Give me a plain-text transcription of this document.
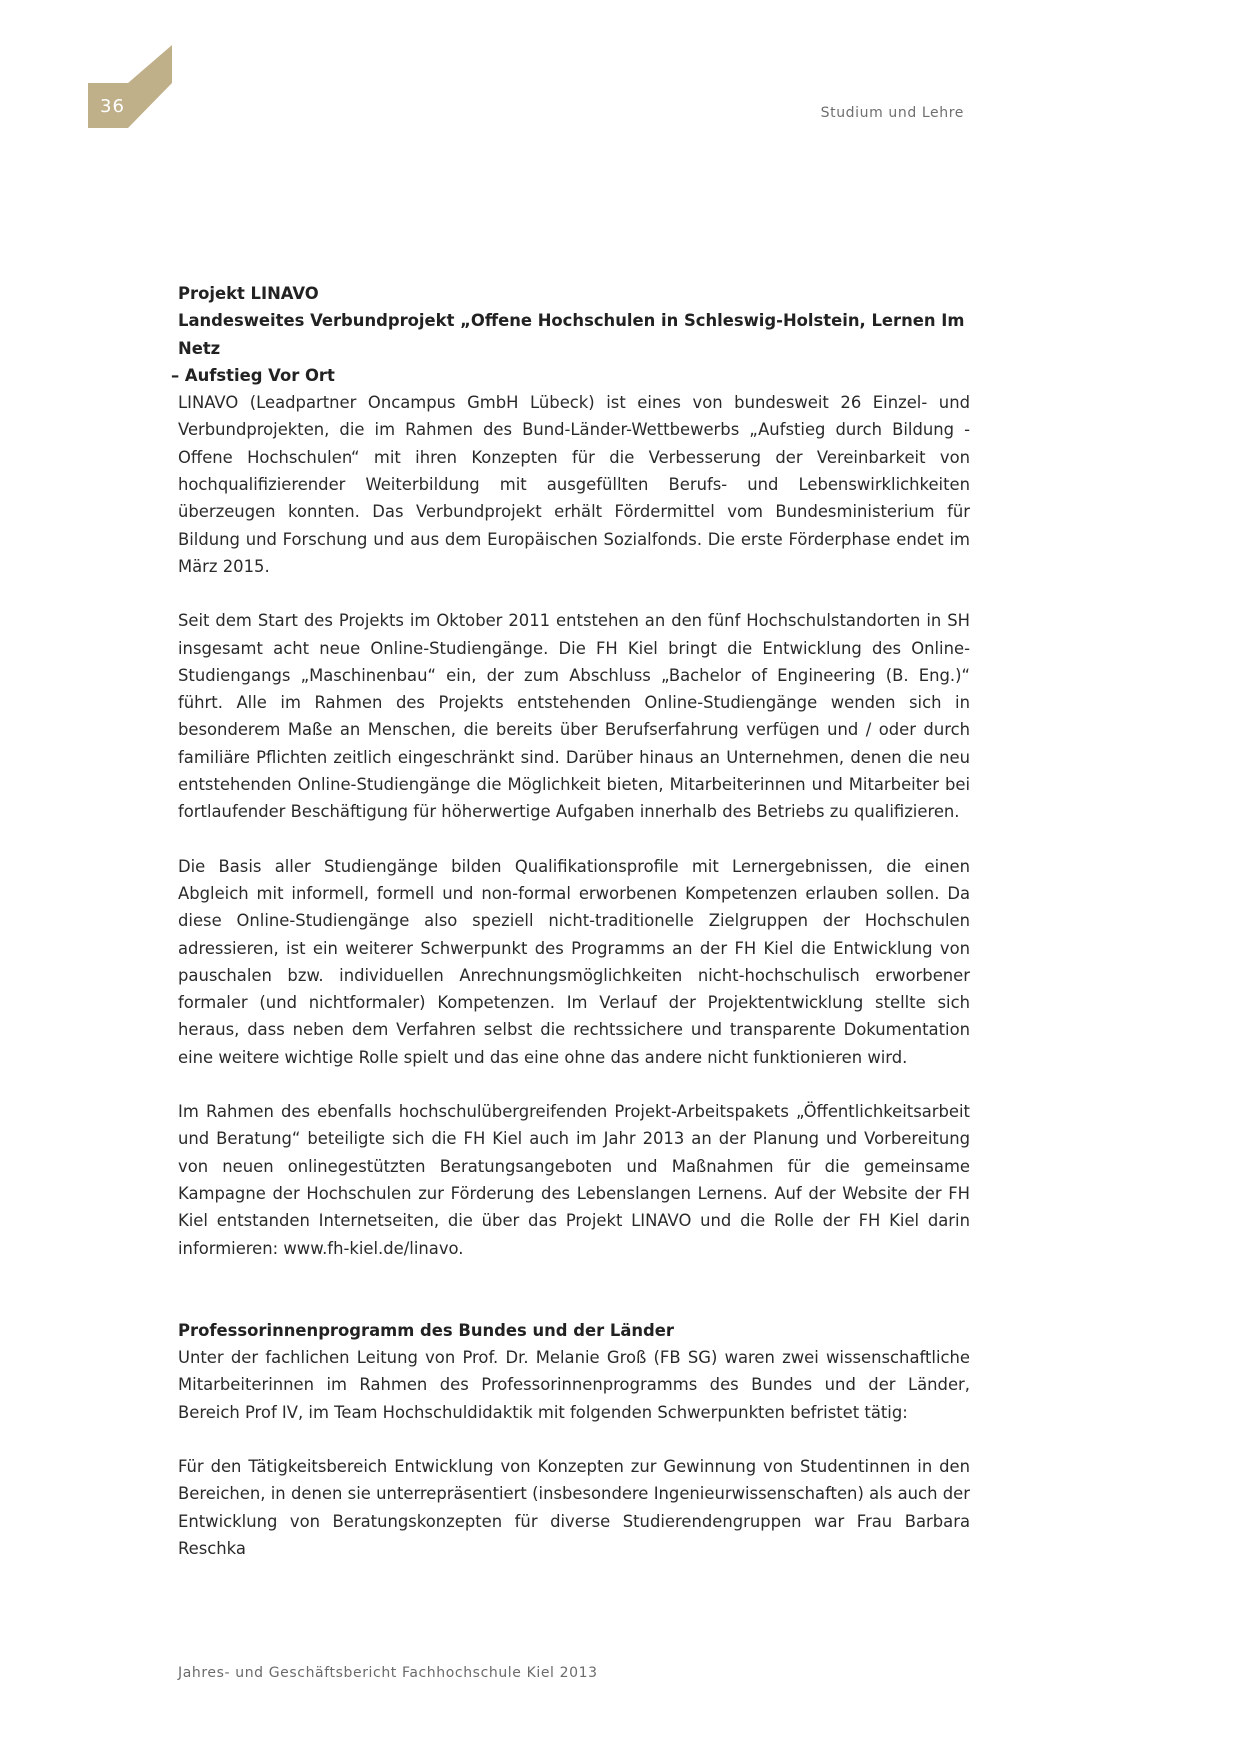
36	Studium und Lehre

Projekt LINAVO

Landesweites Verbundprojekt „Offene Hochschulen in Schleswig-Holstein, Lernen Im Netz

– Aufstieg Vor Ort

LINAVO (Leadpartner Oncampus GmbH Lübeck) ist eines von bundesweit 26 Einzel- und Verbundprojekten, die im Rahmen des Bund-Länder-Wettbewerbs „Aufstieg durch Bildung - Offene Hochschulen“ mit ihren Konzepten für die Verbesserung der Vereinbarkeit von hochqualifizierender Weiterbildung mit ausgefüllten Berufs- und Lebenswirklichkeiten überzeugen konnten. Das Verbundprojekt erhält Fördermittel vom Bundesministerium für Bildung und Forschung und aus dem Europäischen Sozialfonds. Die erste Förderphase endet im März 2015.

Seit dem Start des Projekts im Oktober 2011 entstehen an den fünf Hochschulstandorten in SH insgesamt acht neue Online-Studiengänge. Die FH Kiel bringt die Entwicklung des Online-Studiengangs „Maschinenbau“ ein, der zum Abschluss „Bachelor of Engineering (B. Eng.)“ führt. Alle im Rahmen des Projekts entstehenden Online-Studiengänge wenden sich in besonderem Maße an Menschen, die bereits über Berufserfahrung verfügen und / oder durch familiäre Pflichten zeitlich eingeschränkt sind. Darüber hinaus an Unternehmen, denen die neu entstehenden Online-Studiengänge die Möglichkeit bieten, Mitarbeiterinnen und Mitarbeiter bei fortlaufender Beschäftigung für höherwertige Aufgaben innerhalb des Betriebs zu qualifizieren.

Die Basis aller Studiengänge bilden Qualifikationsprofile mit Lernergebnissen, die einen Abgleich mit informell, formell und non-formal erworbenen Kompetenzen erlauben sollen. Da diese Online-Studiengänge also speziell nicht-traditionelle Zielgruppen der Hochschulen adressieren, ist ein weiterer Schwerpunkt des Programms an der FH Kiel die Entwicklung von pauschalen bzw. individuellen Anrechnungsmöglichkeiten nicht-hochschulisch erworbener formaler (und nichtformaler) Kompetenzen. Im Verlauf der Projektentwicklung stellte sich heraus, dass neben dem Verfahren selbst die rechtssichere und transparente Dokumentation eine weitere wichtige Rolle spielt und das eine ohne das andere nicht funktionieren wird.

Im Rahmen des ebenfalls hochschulübergreifenden Projekt-Arbeitspakets „Öffentlichkeitsarbeit und Beratung“ beteiligte sich die FH Kiel auch im Jahr 2013 an der Planung und Vorbereitung von neuen onlinegestützten Beratungsangeboten und Maßnahmen für die gemeinsame Kampagne der Hochschulen zur Förderung des Lebenslangen Lernens. Auf der Website der FH Kiel entstanden Internetseiten, die über das Projekt LINAVO und die Rolle der FH Kiel darin informieren: www.fh-kiel.de/linavo.

Professorinnenprogramm des Bundes und der Länder

Unter der fachlichen Leitung von Prof. Dr. Melanie Groß (FB SG) waren zwei wissenschaftliche Mitarbeiterinnen im Rahmen des Professorinnenprogramms des Bundes und der Länder, Bereich Prof IV, im Team Hochschuldidaktik mit folgenden Schwerpunkten befristet tätig:

Für den Tätigkeitsbereich Entwicklung von Konzepten zur Gewinnung von Studentinnen in den Bereichen, in denen sie unterrepräsentiert (insbesondere Ingenieurwissenschaften) als auch der Entwicklung von Beratungskonzepten für diverse Studierendengruppen war Frau Barbara Reschka

Jahres- und Geschäftsbericht Fachhochschule Kiel 2013
